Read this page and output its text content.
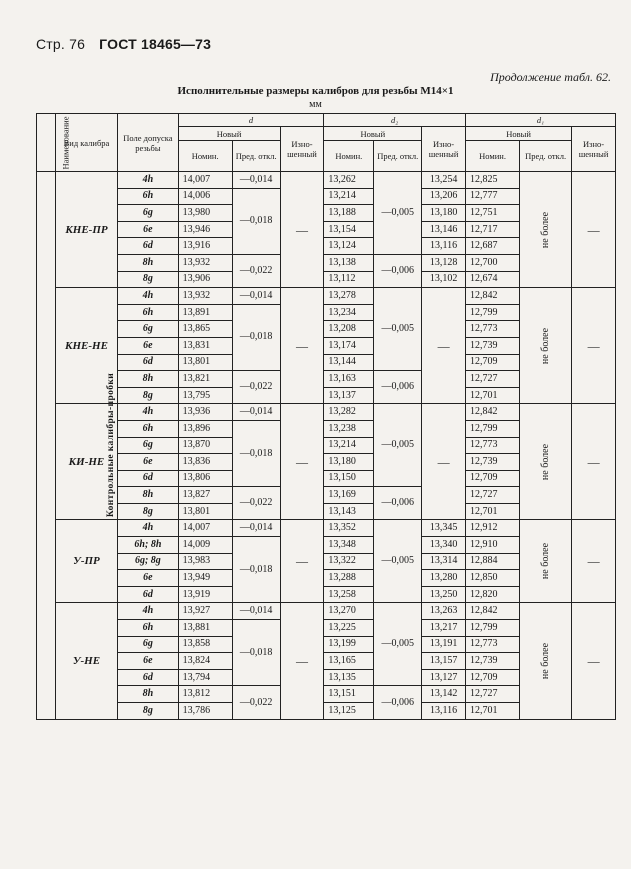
Стр. 76 ГОСТ 18465—73
Продолжение табл. 62.
Исполнительные размеры калибров для резьбы М14×1
мм
Наименование	Вид калибра	Поле допуска резьбы	d			d₂			d₁		
			Новый		Изно-шенный	Новый		Изно-шенный	Новый		Изно-шенный
			Номин.	Пред. откл.		Номин.	Пред. откл.		Номин.	Пред. откл.	
Контрольные калибры-пробки	КНЕ-ПР	4h	14,007	—0,014	—	13,262	—0,005	13,254	12,825	не более	—
		6h	14,006	—0,018		13,214		13,206	12,777		
		6g	13,980			13,188		13,180	12,751		
		6e	13,946			13,154		13,146	12,717		
		6d	13,916			13,124		13,116	12,687		
		8h	13,932	—0,022		13,138	—0,006	13,128	12,700		
		8g	13,906			13,112		13,102	12,674		
	КНЕ-НЕ	4h	13,932	—0,014	—	13,278	—0,005	—	12,842	не более	—
		6h	13,891	—0,018		13,234			12,799		
		6g	13,865			13,208			12,773		
		6e	13,831			13,174			12,739		
		6d	13,801			13,144			12,709		
		8h	13,821	—0,022		13,163	—0,006		12,727		
		8g	13,795			13,137			12,701		
	КИ-НЕ	4h	13,936	—0,014	—	13,282	—0,005	—	12,842	не более	—
		6h	13,896	—0,018		13,238			12,799		
		6g	13,870			13,214			12,773		
		6e	13,836			13,180			12,739		
		6d	13,806			13,150			12,709		
		8h	13,827	—0,022		13,169	—0,006		12,727		
		8g	13,801			13,143			12,701		
	У-ПР	4h	14,007	—0,014	—	13,352	—0,005	13,345	12,912	не более	—
		6h; 8h	14,009	—0,018		13,348		13,340	12,910		
		6g; 8g	13,983			13,322		13,314	12,884		
		6e	13,949			13,288		13,280	12,850		
		6d	13,919			13,258		13,250	12,820		
	У-НЕ	4h	13,927	—0,014	—	13,270	—0,005	13,263	12,842	не более	—
		6h	13,881	—0,018		13,225		13,217	12,799		
		6g	13,858			13,199		13,191	12,773		
		6e	13,824			13,165		13,157	12,739		
		6d	13,794			13,135		13,127	12,709		
		8h	13,812	—0,022		13,151	—0,006	13,142	12,727		
		8g	13,786			13,125		13,116	12,701		
